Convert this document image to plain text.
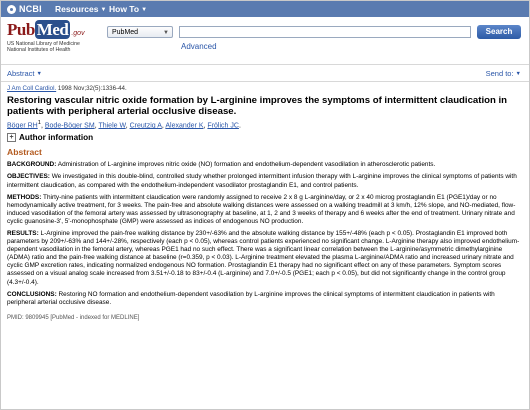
NCBI Resources ▼ How To ▼
Pub Med .gov
US National Library of Medicine
National Institutes of Health
PubMed	▼	Search
Advanced
Abstract ▼	Send to: ▼
J Am Coll Cardiol. 1998 Nov;32(5):1336-44.
Restoring vascular nitric oxide formation by L-arginine improves the symptoms of intermittent claudication in patients with peripheral arterial occlusive disease.
Böger $RH^1$, Bode-Böger SM, Thiele W, Creutzig A, Alexander K, Frölich JC.
+ Author information
Abstract
BACKGROUND: Administration of L-arginine improves nitric oxide (NO) formation and endothelium-dependent vasodilation in atherosclerotic patients.
OBJECTIVES: We investigated in this double-blind, controlled study whether prolonged intermittent infusion therapy with L-arginine improves the clinical symptoms of patients with intermittent claudication, as compared with the endothelium-independent vasodilator prostaglandin E1, and control patients.
METHODS: Thirty-nine patients with intermittent claudication were randomly assigned to receive 2 x 8 g L-arginine/day, or 2 x 40 microg prostaglandin E1 (PGE1)/day or no hemodynamically active treatment, for 3 weeks. The pain-free and absolute walking distances were assessed on a walking treadmill at 3 km/h, 12% slope, and NO-mediated, flow-induced vasodilation of the femoral artery was assessed by ultrasonography at baseline, at 1, 2 and 3 weeks of therapy and 6 weeks after the end of treatment. Urinary nitrate and cyclic guanosine-3', 5'-monophosphate (GMP) were assessed as indices of endogenous NO production.
RESULTS: L-Arginine improved the pain-free walking distance by 230+/-63% and the absolute walking distance by 155+/-48% (each p < 0.05). Prostaglandin E1 improved both parameters by 209+/-63% and 144+/-28%, respectively (each p < 0.05), whereas control patients experienced no significant change. L-Arginine therapy also improved endothelium-dependent vasodilation in the femoral artery, whereas PGE1 had no such effect. There was a significant linear correlation between the L-arginine/asymmetric dimethylarginine (ADMA) ratio and the pain-free walking distance at baseline (r=0.359, p < 0.03). L-Arginine treatment elevated the plasma L-arginine/ADMA ratio and increased urinary nitrate and cyclic GMP excretion rates, indicating normalized endogenous NO formation. Prostaglandin E1 therapy had no significant effect on any of these parameters. Symptom scores assessed on a visual analog scale increased from 3.51+/-0.18 to 83+/-0.4 (L-arginine) and 7.0+/-0.5 (PGE1; each p < 0.05), but did not significantly change in the control group (4.3+/-0.4).
CONCLUSIONS: Restoring NO formation and endothelium-dependent vasodilation by L-arginine improves the clinical symptoms of intermittent claudication in patients with peripheral arterial occlusive disease.
PMID: 9809945 [PubMed - indexed for MEDLINE]
